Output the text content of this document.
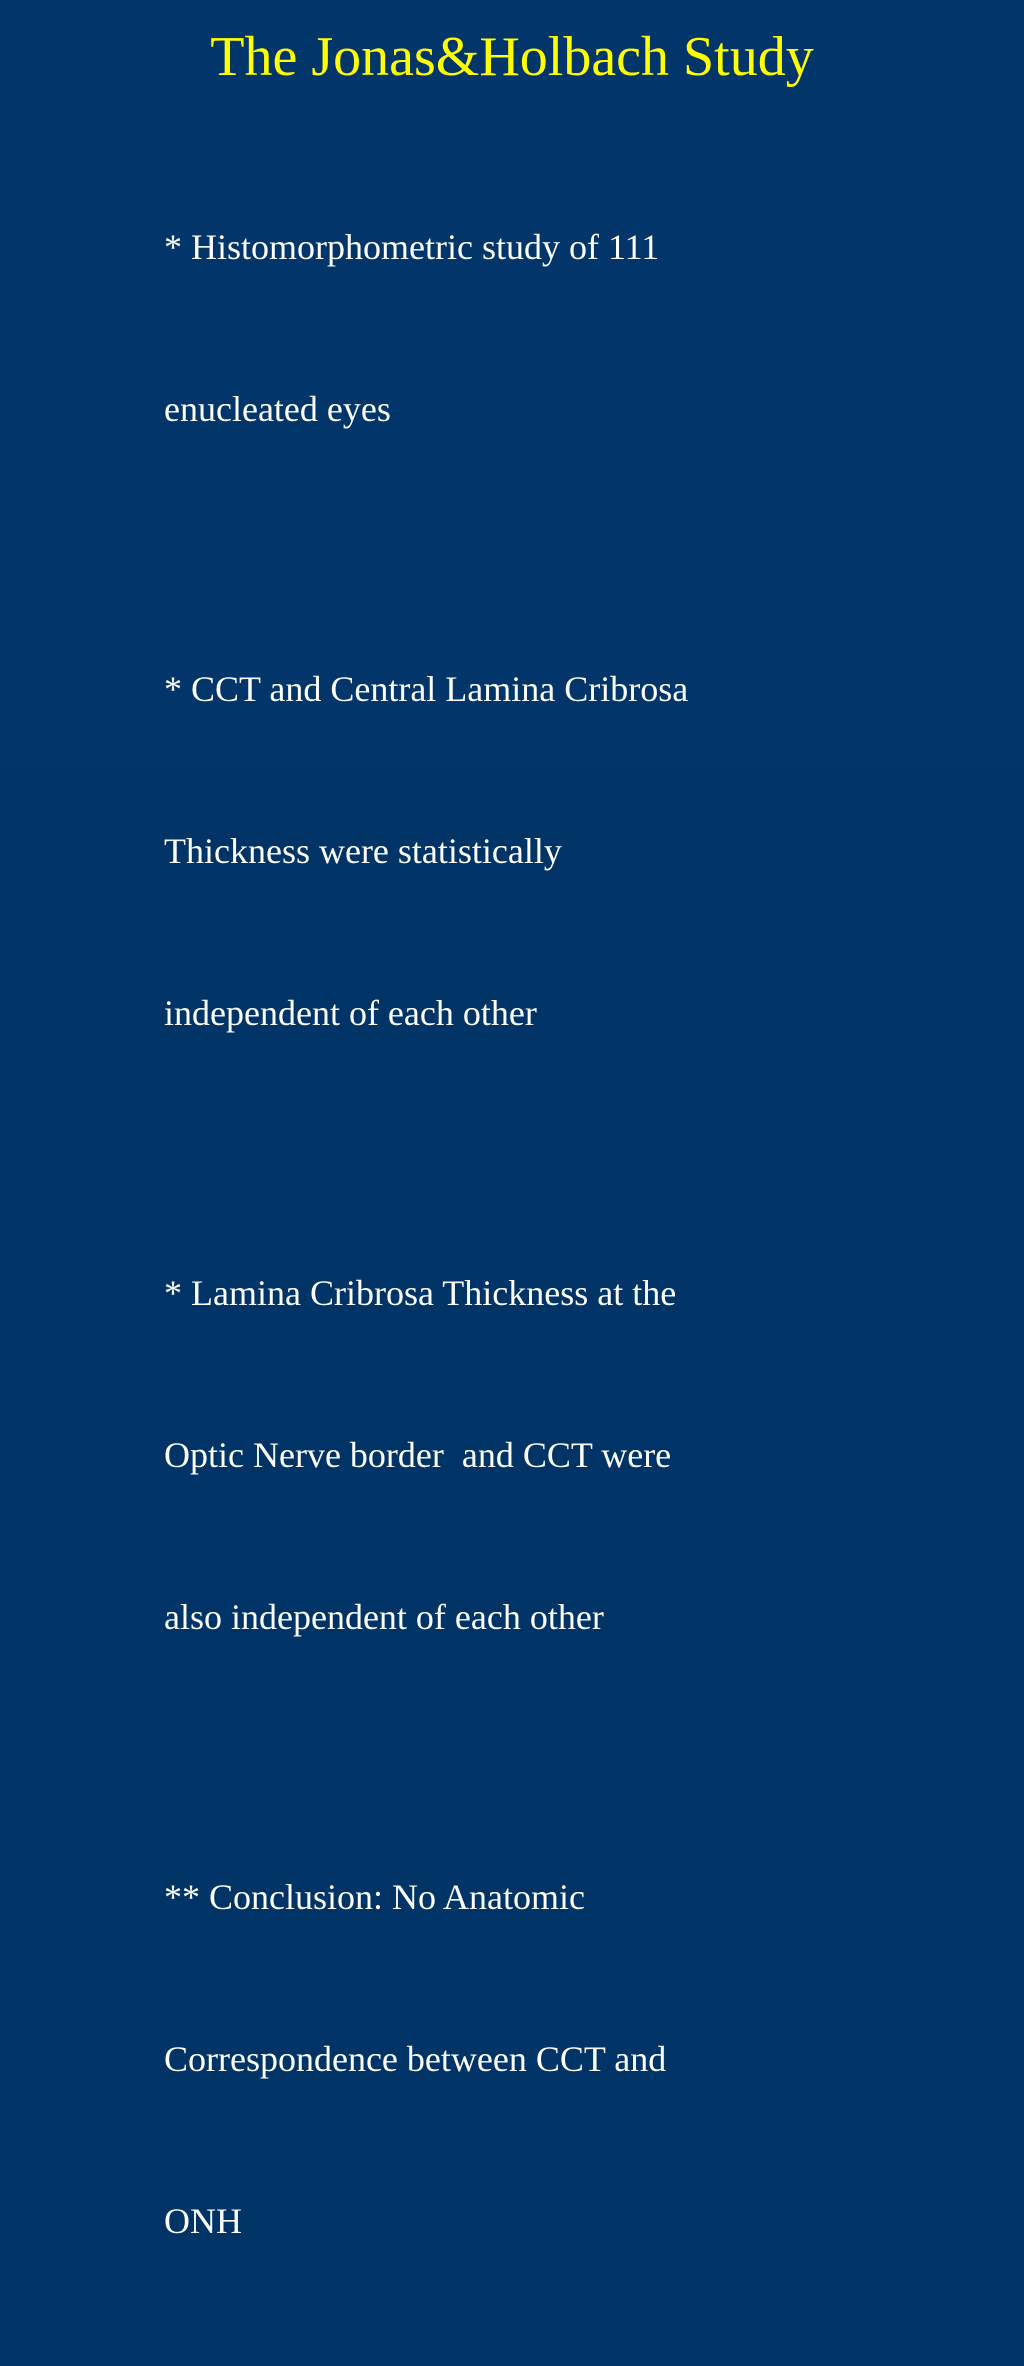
The Jonas&Holbach Study

* Histomorphometric study of 111

enucleated eyes

* CCT and Central Lamina Cribrosa

Thickness were statistically

independent of each other

* Lamina Cribrosa Thickness at the

Optic Nerve border  and CCT were

also independent of each other

** Conclusion: No Anatomic

Correspondence between CCT and

ONH
